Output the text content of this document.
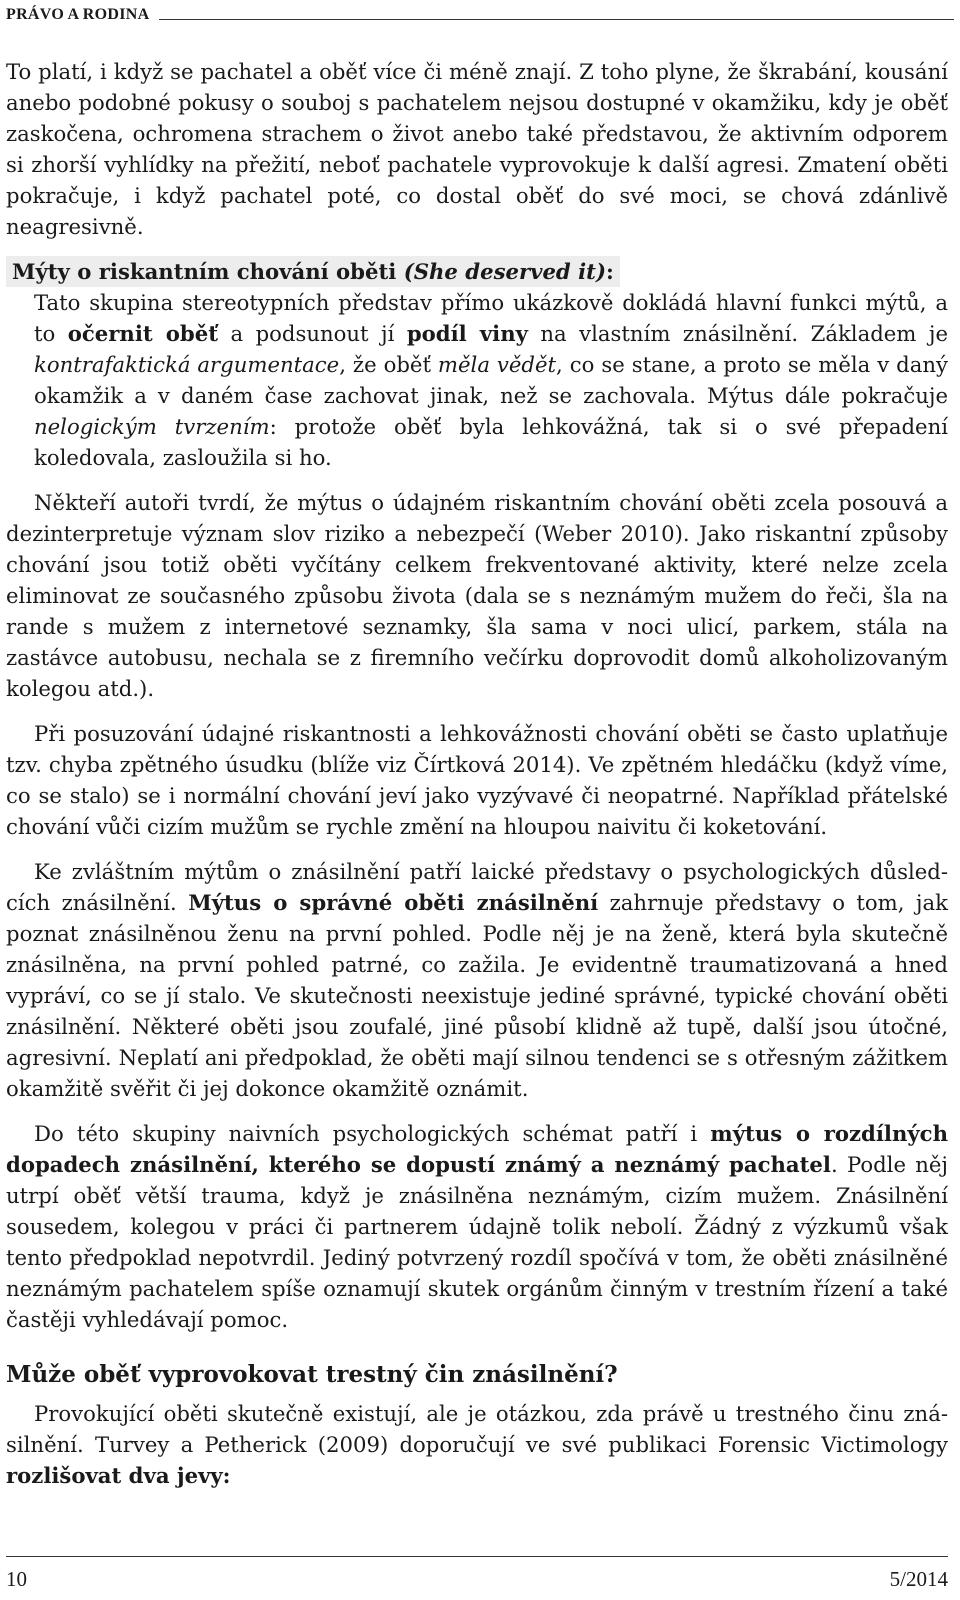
PRÁVO A RODINA

To platí, i když se pachatel a oběť více či méně znají. Z toho plyne, že škrabání, kousání anebo podobné pokusy o souboj s pachatelem nejsou dostupné v okamžiku, kdy je oběť zaskočena, ochromena strachem o život anebo také představou, že aktivním odporem si zhorší vyhlídky na přežití, neboť pachatele vyprovokuje k další agresi. Zmatení oběti pokračuje, i když pachatel poté, co dostal oběť do své moci, se chová zdánlivě neagresivně.

Mýty o riskantním chování oběti (She deserved it):

Tato skupina stereotypních představ přímo ukázkově dokládá hlavní funkci mýtů, a to očernit oběť a podsunout jí podíl viny na vlastním znásilnění. Základem je kontrafaktická argumentace, že oběť měla vědět, co se stane, a proto se měla v daný okamžik a v daném čase zachovat jinak, než se zachovala. Mýtus dále pokračuje nelogickým tvrzením: protože oběť byla lehkovážná, tak si o své přepadení koledovala, zasloužila si ho.

Někteří autoři tvrdí, že mýtus o údajném riskantním chování oběti zcela posouvá a dezinterpretuje význam slov riziko a nebezpečí (Weber 2010). Jako riskantní způsoby chování jsou totiž oběti vyčítány celkem frekventované aktivity, které nelze zcela eliminovat ze současného způsobu života (dala se s neznámým mužem do řeči, šla na rande s mužem z internetové seznamky, šla sama v noci ulicí, parkem, stála na zastávce autobusu, nechala se z firemního večírku doprovodit domů alkoholizovaným kolegou atd.).

Při posuzování údajné riskantnosti a lehkovážnosti chování oběti se často uplatňuje tzv. chyba zpětného úsudku (blíže viz Čírtková 2014). Ve zpětném hledáčku (když víme, co se stalo) se i normální chování jeví jako vyzývavé či neopatrné. Například přátelské chování vůči cizím mužům se rychle změní na hloupou naivitu či koketování.

Ke zvláštním mýtům o znásilnění patří laické představy o psychologických důsledcích znásilnění. Mýtus o správné oběti znásilnění zahrnuje představy o tom, jak poznat znásilněnou ženu na první pohled. Podle něj je na ženě, která byla skutečně znásilněna, na první pohled patrné, co zažila. Je evidentně traumatizovaná a hned vypráví, co se jí stalo. Ve skutečnosti neexistuje jediné správné, typické chování oběti znásilnění. Některé oběti jsou zoufalé, jiné působí klidně až tupě, další jsou útočné, agresivní. Neplatí ani předpoklad, že oběti mají silnou tendenci se s otřesným zážitkem okamžitě svěřit či jej dokonce okamžitě oznámit.

Do této skupiny naivních psychologických schémat patří i mýtus o rozdílných dopadech znásilnění, kterého se dopustí známý a neznámý pachatel. Podle něj utrpí oběť větší trauma, když je znásilněna neznámým, cizím mužem. Znásilnění sousedem, kolegou v práci či partnerem údajně tolik nebolí. Žádný z výzkumů však tento předpoklad nepotvrdil. Jediný potvrzený rozdíl spočívá v tom, že oběti znásilněné neznámým pachatelem spíše oznamují skutek orgánům činným v trestním řízení a také častěji vyhledávají pomoc.

Může oběť vyprovokovat trestný čin znásilnění?

Provokující oběti skutečně existují, ale je otázkou, zda právě u trestného činu znásilnění. Turvey a Petherick (2009) doporučují ve své publikaci Forensic Victimology rozlišovat dva jevy:

10	5/2014
